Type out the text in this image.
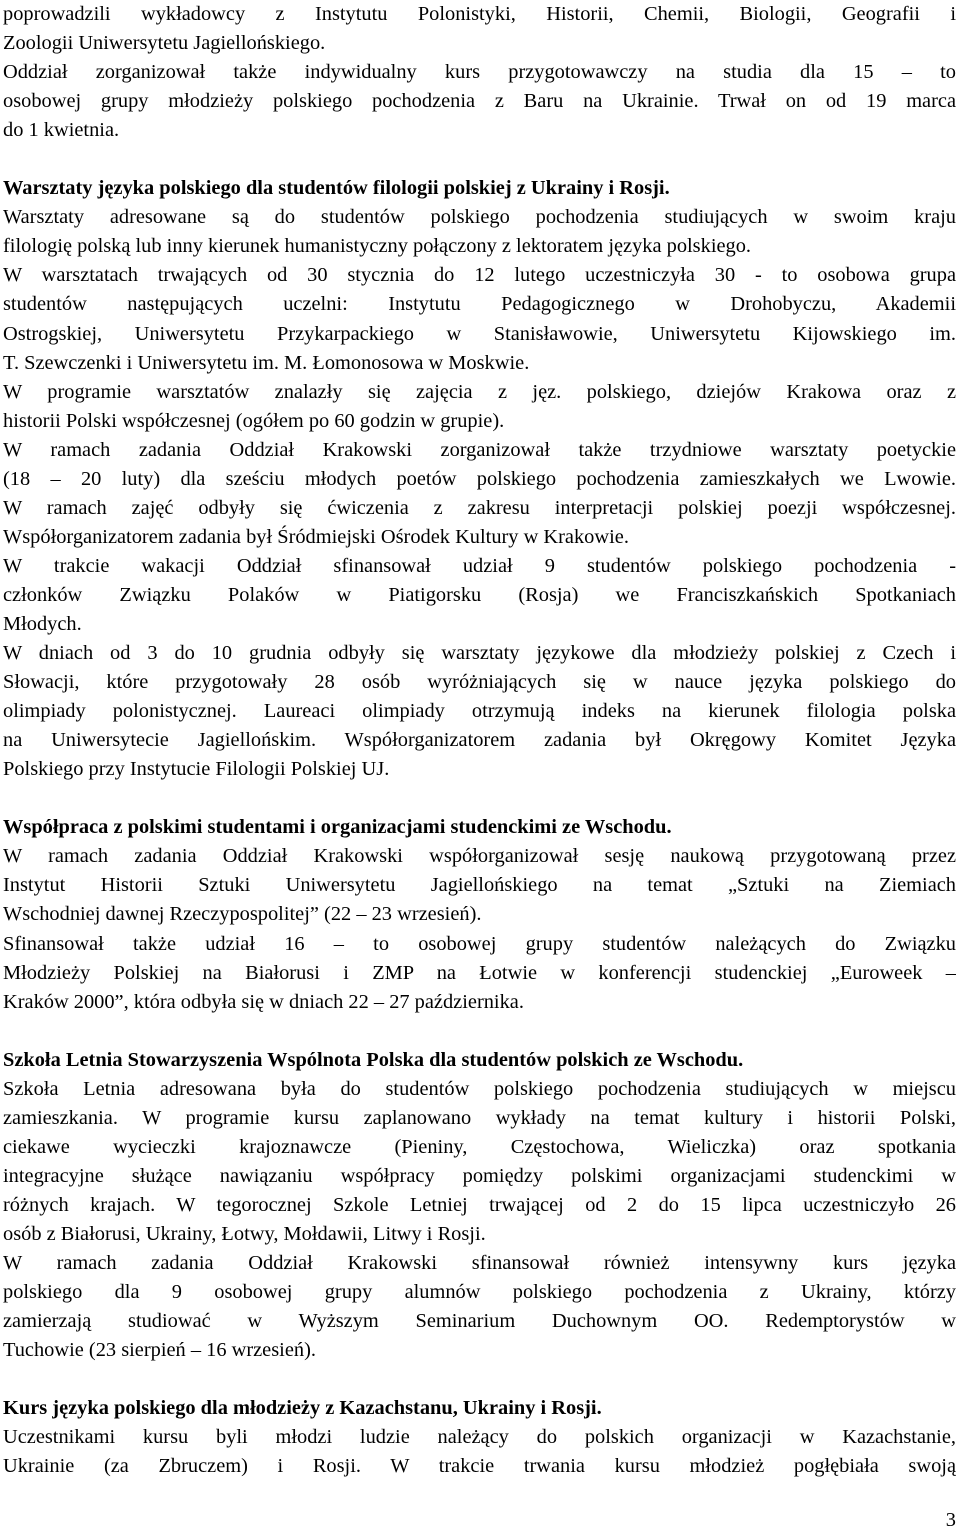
poprowadzili wykładowcy z Instytutu Polonistyki, Historii, Chemii, Biologii, Geografii i
Zoologii Uniwersytetu Jagiellońskiego.
Oddział zorganizował także indywidualny kurs przygotowawczy na studia dla 15 – to
osobowej grupy młodzieży polskiego pochodzenia z Baru na Ukrainie. Trwał on od 19 marca
do 1 kwietnia.
Warsztaty języka polskiego dla studentów filologii polskiej z Ukrainy i Rosji.
Warsztaty adresowane są do studentów polskiego pochodzenia studiujących w swoim kraju
filologię polską lub inny kierunek humanistyczny połączony z lektoratem języka polskiego.
W warsztatach trwających od 30 stycznia do 12 lutego uczestniczyła 30 - to osobowa grupa
studentów następujących uczelni: Instytutu Pedagogicznego w Drohobyczu, Akademii
Ostrogskiej, Uniwersytetu Przykarpackiego w Stanisławowie, Uniwersytetu Kijowskiego im.
T. Szewczenki i Uniwersytetu im. M. Łomonosowa w Moskwie.
W programie warsztatów znalazły się zajęcia z jęz. polskiego, dziejów Krakowa oraz z
historii Polski współczesnej (ogółem po 60 godzin w grupie).
W ramach zadania Oddział Krakowski zorganizował także trzydniowe warsztaty poetyckie
(18 – 20 luty) dla sześciu młodych poetów polskiego pochodzenia zamieszkałych we Lwowie.
W ramach zajęć odbyły się ćwiczenia z zakresu interpretacji polskiej poezji współczesnej.
Współorganizatorem zadania był Śródmiejski Ośrodek Kultury w Krakowie.
W trakcie wakacji Oddział sfinansował udział 9 studentów polskiego pochodzenia -
członków Związku Polaków w Piatigorsku (Rosja) we Franciszkańskich Spotkaniach
Młodych.
W dniach od 3 do 10 grudnia odbyły się warsztaty językowe dla młodzieży polskiej z Czech i
Słowacji, które przygotowały 28 osób wyróżniających się w nauce języka polskiego do
olimpiady polonistycznej. Laureaci olimpiady otrzymują indeks na kierunek filologia polska
na Uniwersytecie Jagiellońskim. Współorganizatorem zadania był Okręgowy Komitet Języka
Polskiego przy Instytucie Filologii Polskiej UJ.
Współpraca z polskimi studentami i organizacjami studenckimi ze Wschodu.
W ramach zadania Oddział Krakowski współorganizował sesję naukową przygotowaną przez
Instytut Historii Sztuki Uniwersytetu Jagiellońskiego na temat „Sztuki na Ziemiach
Wschodniej dawnej Rzeczypospolitej” (22 – 23 wrzesień).
Sfinansował także udział 16 – to osobowej grupy studentów należących do Związku
Młodzieży Polskiej na Białorusi i ZMP na Łotwie w konferencji studenckiej „Euroweek –
Kraków 2000”, która odbyła się w dniach 22 – 27 października.
Szkoła Letnia Stowarzyszenia Wspólnota Polska dla studentów polskich ze Wschodu.
Szkoła Letnia adresowana była do studentów polskiego pochodzenia studiujących w miejscu
zamieszkania. W programie kursu zaplanowano wykłady na temat kultury i historii Polski,
ciekawe wycieczki krajoznawcze (Pieniny, Częstochowa, Wieliczka) oraz spotkania
integracyjne służące nawiązaniu współpracy pomiędzy polskimi organizacjami studenckimi w
różnych krajach. W tegorocznej Szkole Letniej trwającej od 2 do 15 lipca uczestniczyło 26
osób z Białorusi, Ukrainy, Łotwy, Mołdawii, Litwy i Rosji.
W ramach zadania Oddział Krakowski sfinansował również intensywny kurs języka
polskiego dla 9 osobowej grupy alumnów polskiego pochodzenia z Ukrainy, którzy
zamierzają studiować w Wyższym Seminarium Duchownym OO. Redemptorystów w
Tuchowie (23 sierpień – 16 wrzesień).
Kurs języka polskiego dla młodzieży z Kazachstanu, Ukrainy i Rosji.
Uczestnikami kursu byli młodzi ludzie należący do polskich organizacji w Kazachstanie,
Ukrainie (za Zbruczem) i Rosji. W trakcie trwania kursu młodzież pogłębiała swoją
3
